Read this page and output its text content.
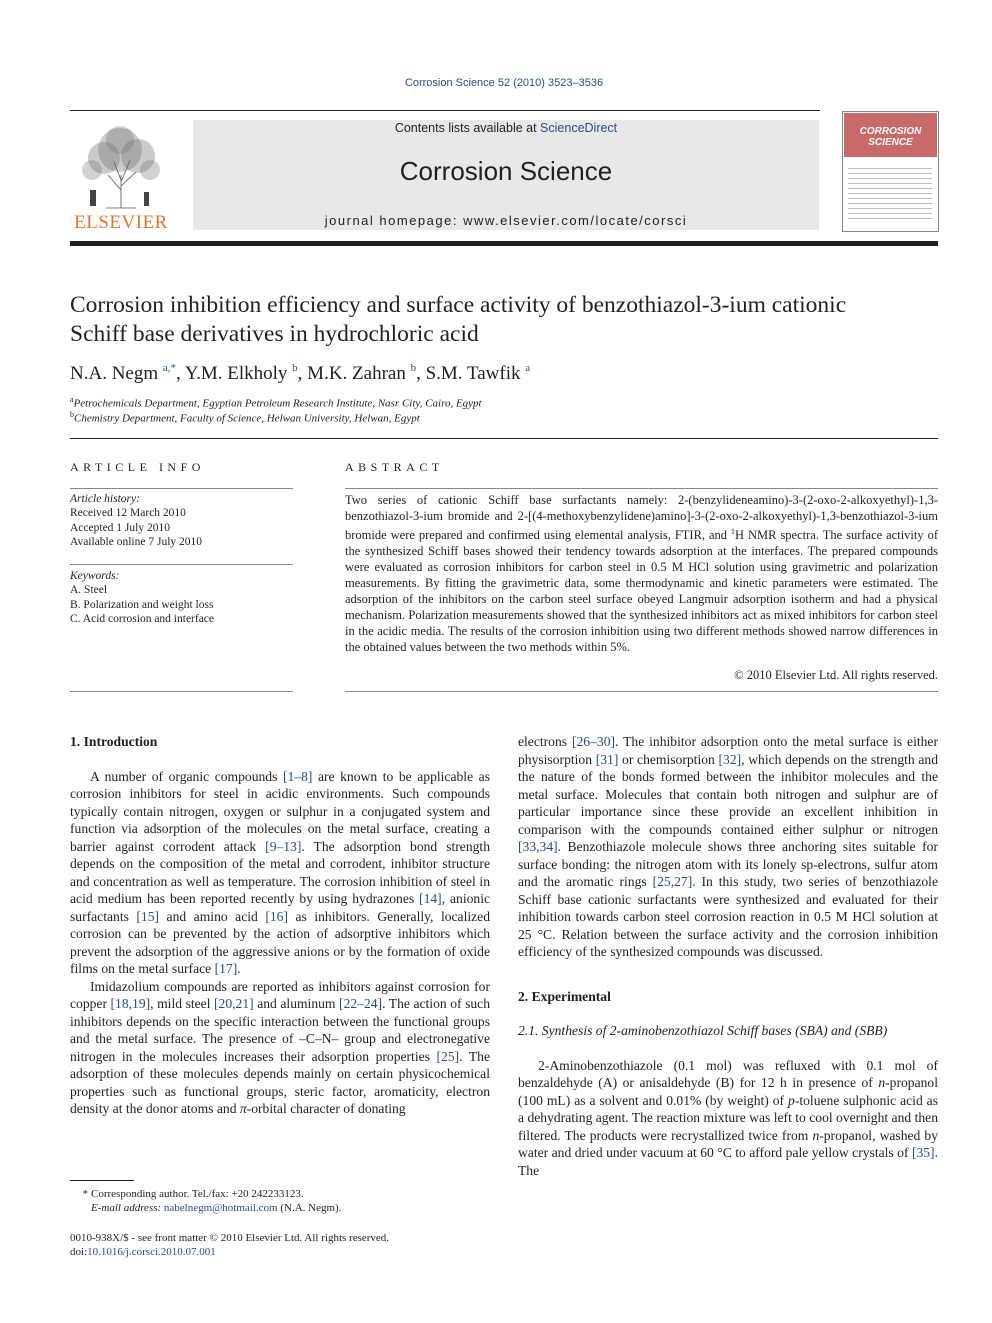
Corrosion Science 52 (2010) 3523–3536
ELSEVIER
Contents lists available at ScienceDirect
Corrosion Science
journal homepage: www.elsevier.com/locate/corsci
CORROSION
SCIENCE
Corrosion inhibition efficiency and surface activity of benzothiazol-3-ium cationic
Schiff base derivatives in hydrochloric acid
N.A. Negm $^{a,*}$, Y.M. Elkholy $^b$, M.K. Zahran $^b$, S.M. Tawfik $^a$
$^a$Petrochemicals Department, Egyptian Petroleum Research Institute, Nasr City, Cairo, Egypt
$^b$Chemistry Department, Faculty of Science, Helwan University, Helwan, Egypt
ARTICLE INFO
Article history:
Received 12 March 2010
Accepted 1 July 2010
Available online 7 July 2010
Keywords:
A. Steel
B. Polarization and weight loss
C. Acid corrosion and interface
ABSTRACT
Two series of cationic Schiff base surfactants namely: 2-(benzylideneamino)-3-(2-oxo-2-alkoxyethyl)-1,3-benzothiazol-3-ium bromide and 2-[(4-methoxybenzylidene)amino]-3-(2-oxo-2-alkoxyethyl)-1,3-benzothiazol-3-ium bromide were prepared and confirmed using elemental analysis, FTIR, and $^1$H NMR spectra. The surface activity of the synthesized Schiff bases showed their tendency towards adsorption at the interfaces. The prepared compounds were evaluated as corrosion inhibitors for carbon steel in 0.5 M HCl solution using gravimetric and polarization measurements. By fitting the gravimetric data, some thermodynamic and kinetic parameters were estimated. The adsorption of the inhibitors on the carbon steel surface obeyed Langmuir adsorption isotherm and had a physical mechanism. Polarization measurements showed that the synthesized inhibitors act as mixed inhibitors for carbon steel in the acidic media. The results of the corrosion inhibition using two different methods showed narrow differences in the obtained values between the two methods within 5%.
© 2010 Elsevier Ltd. All rights reserved.
1. Introduction

A number of organic compounds [1–8] are known to be applicable as corrosion inhibitors for steel in acidic environments. Such compounds typically contain nitrogen, oxygen or sulphur in a conjugated system and function via adsorption of the molecules on the metal surface, creating a barrier against corrodent attack [9–13]. The adsorption bond strength depends on the composition of the metal and corrodent, inhibitor structure and concentration as well as temperature. The corrosion inhibition of steel in acid medium has been reported recently by using hydrazones [14], anionic surfactants [15] and amino acid [16] as inhibitors. Generally, localized corrosion can be prevented by the action of adsorptive inhibitors which prevent the adsorption of the aggressive anions or by the formation of oxide films on the metal surface [17].

Imidazolium compounds are reported as inhibitors against corrosion for copper [18,19], mild steel [20,21] and aluminum [22–24]. The action of such inhibitors depends on the specific interaction between the functional groups and the metal surface. The presence of –C–N– group and electronegative nitrogen in the molecules increases their adsorption properties [25]. The adsorption of these molecules depends mainly on certain physicochemical properties such as functional groups, steric factor, aromaticity, electron density at the donor atoms and π-orbital character of donating

electrons [26–30]. The inhibitor adsorption onto the metal surface is either physisorption [31] or chemisorption [32], which depends on the strength and the nature of the bonds formed between the inhibitor molecules and the metal surface. Molecules that contain both nitrogen and sulphur are of particular importance since these provide an excellent inhibition in comparison with the compounds contained either sulphur or nitrogen [33,34]. Benzothiazole molecule shows three anchoring sites suitable for surface bonding: the nitrogen atom with its lonely sp-electrons, sulfur atom and the aromatic rings [25,27]. In this study, two series of benzothiazole Schiff base cationic surfactants were synthesized and evaluated for their inhibition towards carbon steel corrosion reaction in 0.5 M HCl solution at 25 °C. Relation between the surface activity and the corrosion inhibition efficiency of the synthesized compounds was discussed.

2. Experimental
2.1. Synthesis of 2-aminobenzothiazol Schiff bases (SBA) and (SBB)

2-Aminobenzothiazole (0.1 mol) was refluxed with 0.1 mol of benzaldehyde (A) or anisaldehyde (B) for 12 h in presence of n-propanol (100 mL) as a solvent and 0.01% (by weight) of p-toluene sulphonic acid as a dehydrating agent. The reaction mixture was left to cool overnight and then filtered. The products were recrystallized twice from n-propanol, washed by water and dried under vacuum at 60 °C to afford pale yellow crystals of [35]. The

* Corresponding author. Tel./fax: +20 242233123.
E-mail address: nabelnegm@hotmail.com (N.A. Negm).
0010-938X/$ - see front matter © 2010 Elsevier Ltd. All rights reserved.
doi:10.1016/j.corsci.2010.07.001
